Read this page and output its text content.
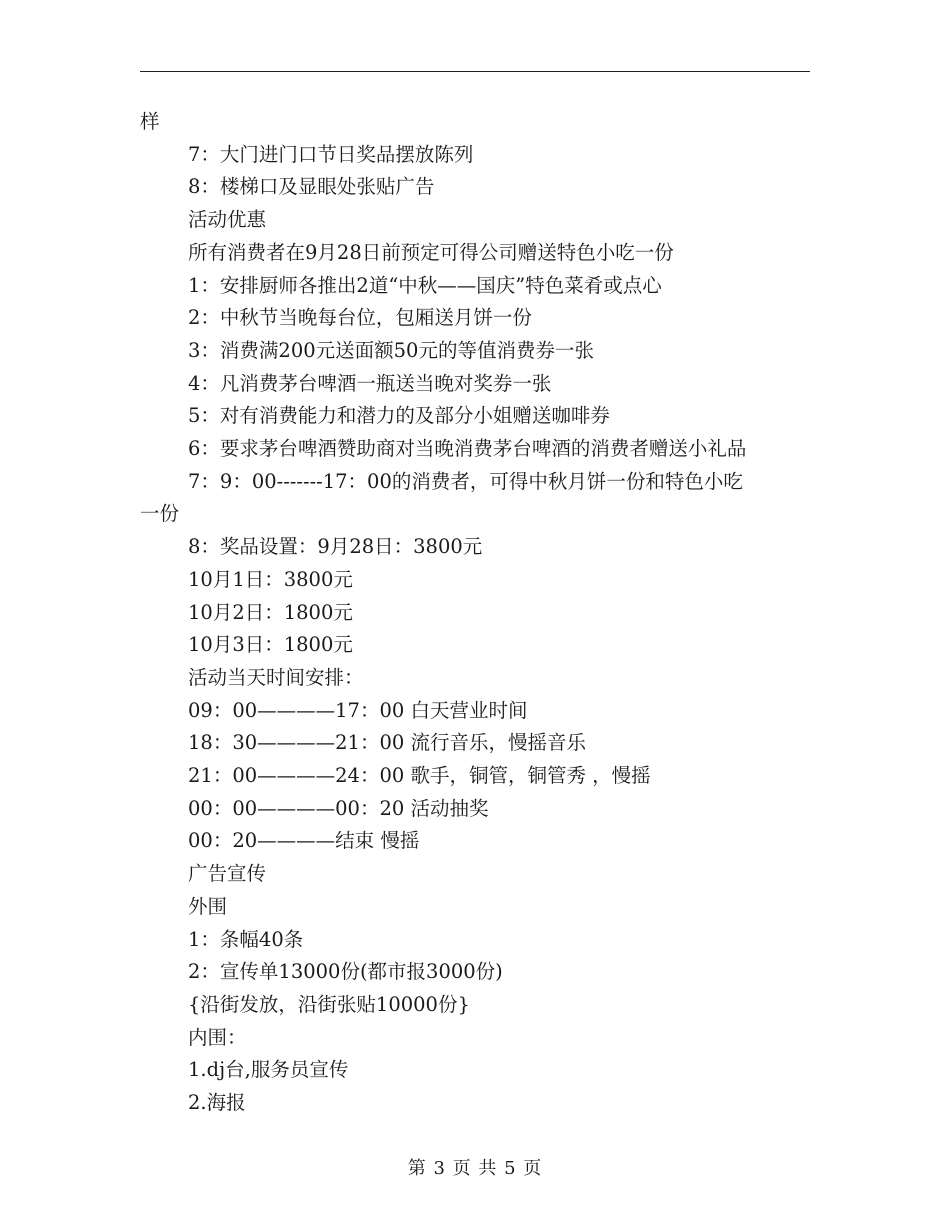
样
7：大门进门口节日奖品摆放陈列
8：楼梯口及显眼处张贴广告
活动优惠
所有消费者在9月28日前预定可得公司赠送特色小吃一份
1：安排厨师各推出2道“中秋——国庆”特色菜肴或点心
2：中秋节当晚每台位，包厢送月饼一份
3：消费满200元送面额50元的等值消费券一张
4：凡消费茅台啤酒一瓶送当晚对奖券一张
5：对有消费能力和潜力的及部分小姐赠送咖啡券
6：要求茅台啤酒赞助商对当晚消费茅台啤酒的消费者赠送小礼品
7：9：00-------17：00的消费者，可得中秋月饼一份和特色小吃
一份
8：奖品设置：9月28日：3800元
10月1日：3800元
10月2日：1800元
10月3日：1800元
活动当天时间安排：
09：00————17：00 白天营业时间
18：30————21：00 流行音乐，慢摇音乐
21：00————24：00 歌手，铜管，铜管秀 ，慢摇
00：00————00：20 活动抽奖
00：20————结束 慢摇
广告宣传
外围
1：条幅40条
2：宣传单13000份(都市报3000份)
{沿街发放，沿街张贴10000份}
内围：
1.dj台,服务员宣传
2.海报
第 3 页 共 5 页
